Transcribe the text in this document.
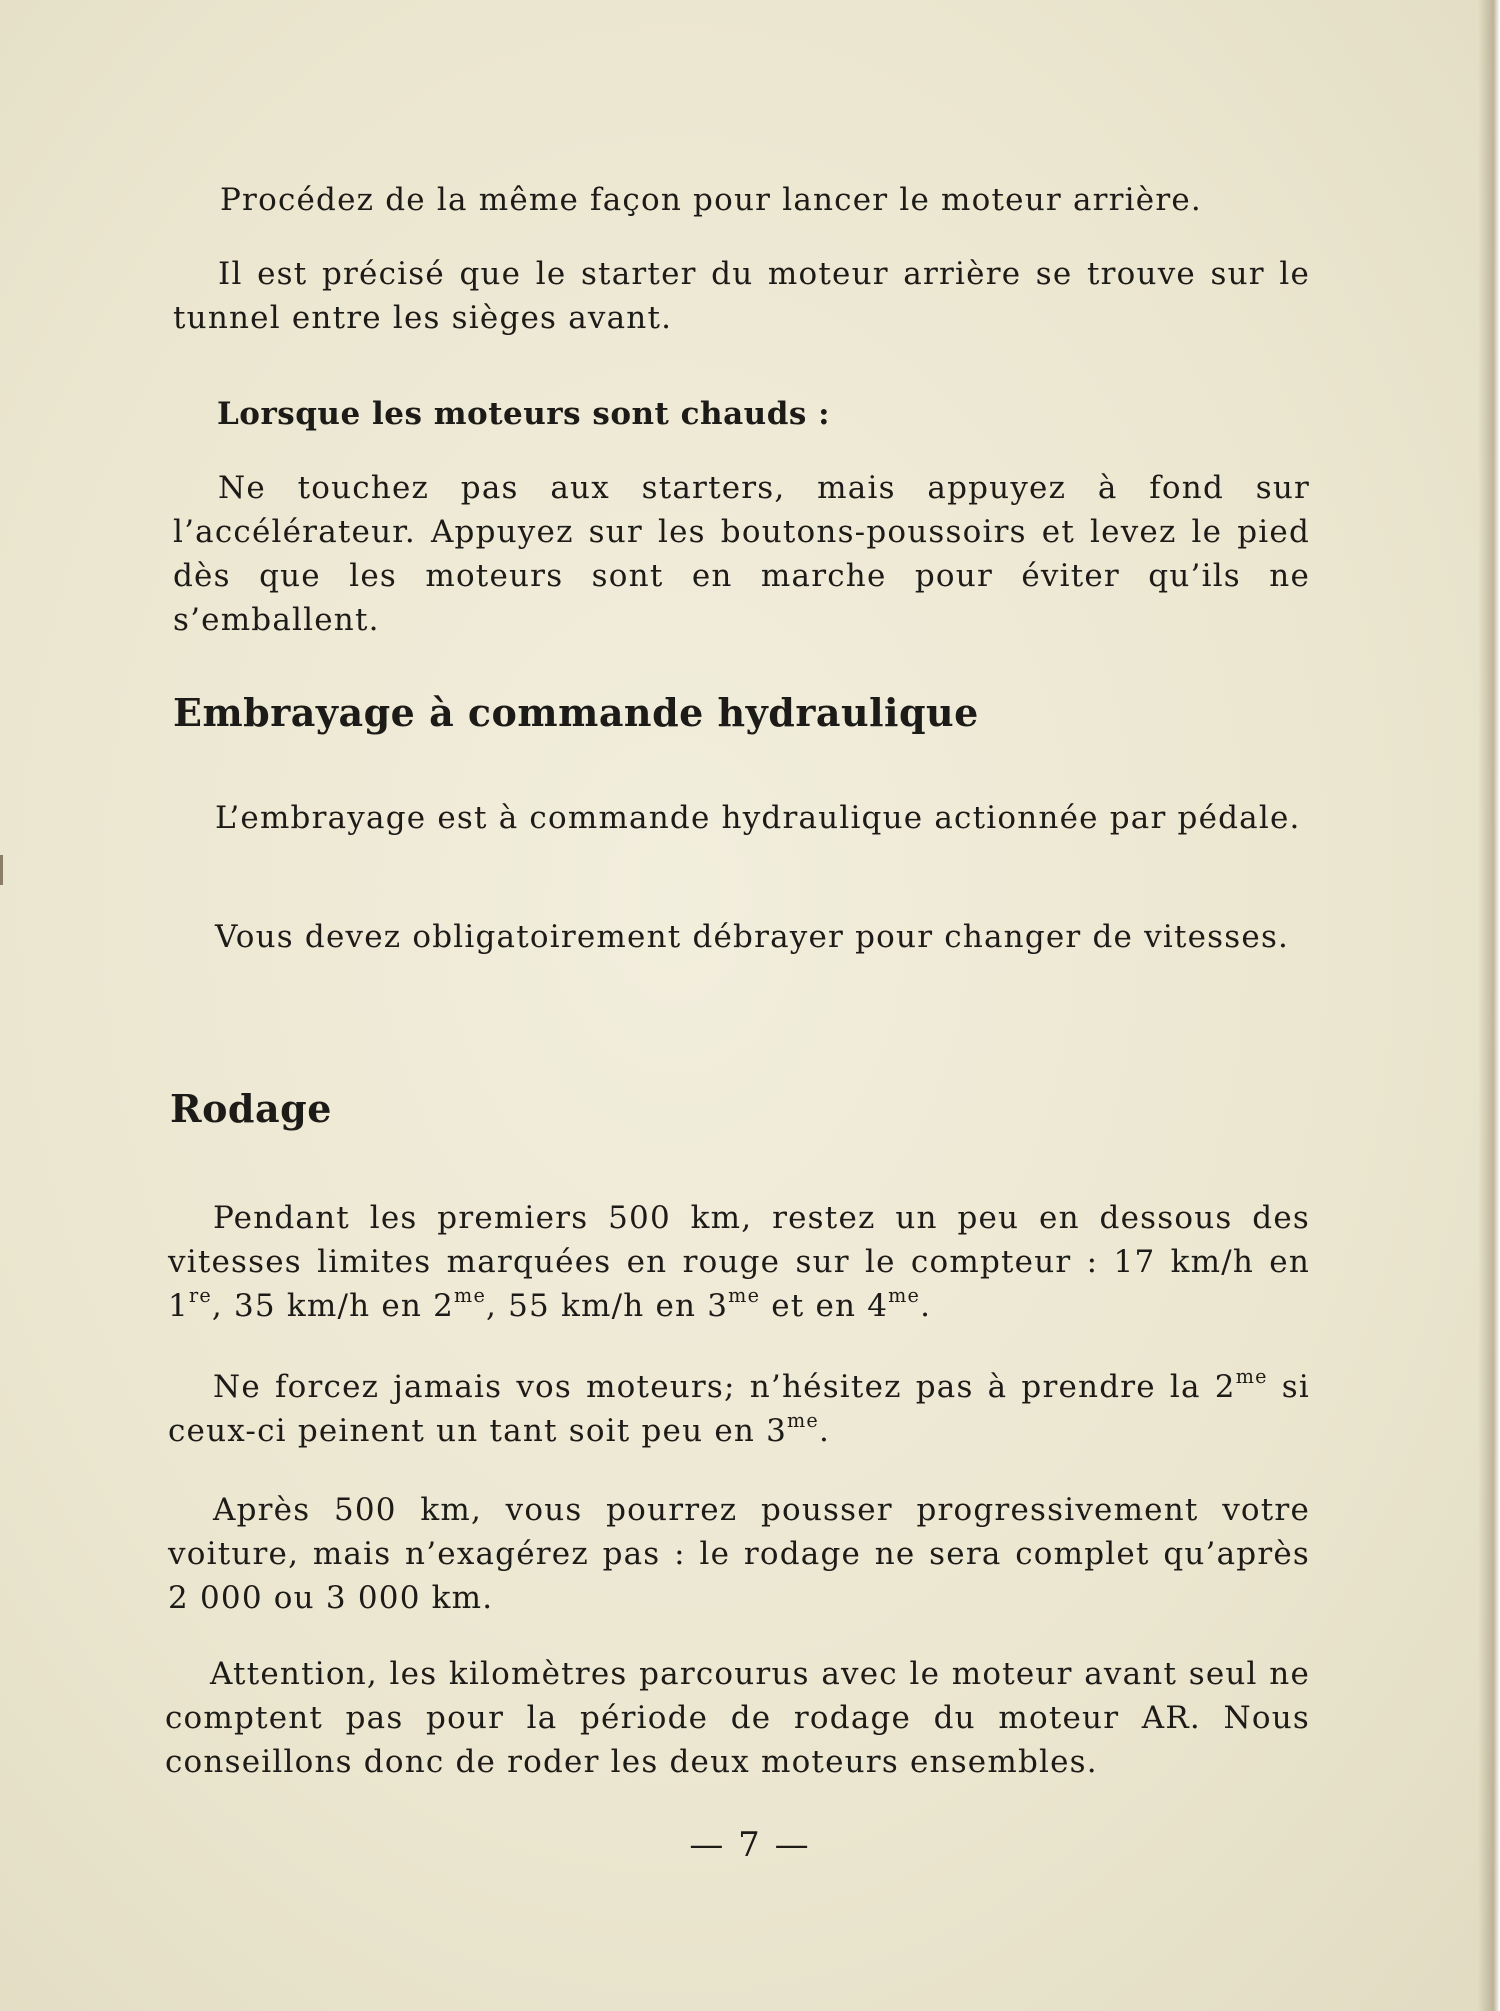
Procédez de la même façon pour lancer le moteur arrière.

Il est précisé que le starter du moteur arrière se trouve sur le tunnel entre les sièges avant.

Lorsque les moteurs sont chauds :

Ne touchez pas aux starters, mais appuyez à fond sur l’accélérateur. Appuyez sur les boutons-poussoirs et levez le pied dès que les moteurs sont en marche pour éviter qu’ils ne s’emballent.

Embrayage à commande hydraulique

L’embrayage est à commande hydraulique actionnée par pédale.

Vous devez obligatoirement débrayer pour changer de vitesses.

Rodage

Pendant les premiers 500 km, restez un peu en dessous des vitesses limites marquées en rouge sur le compteur : 17 km/h en 1re, 35 km/h en $2^{me}$, 55 km/h en $3^{me}$ et en $4^{me}$.

Ne forcez jamais vos moteurs; n’hésitez pas à prendre la $2^{me}$ si ceux-ci peinent un tant soit peu en $3^{me}$.

Après 500 km, vous pourrez pousser progressivement votre voiture, mais n’exagérez pas : le rodage ne sera complet qu’après 2 000 ou 3 000 km.

Attention, les kilomètres parcourus avec le moteur avant seul ne comptent pas pour la période de rodage du moteur AR. Nous conseillons donc de roder les deux moteurs ensembles.

— 7 —
